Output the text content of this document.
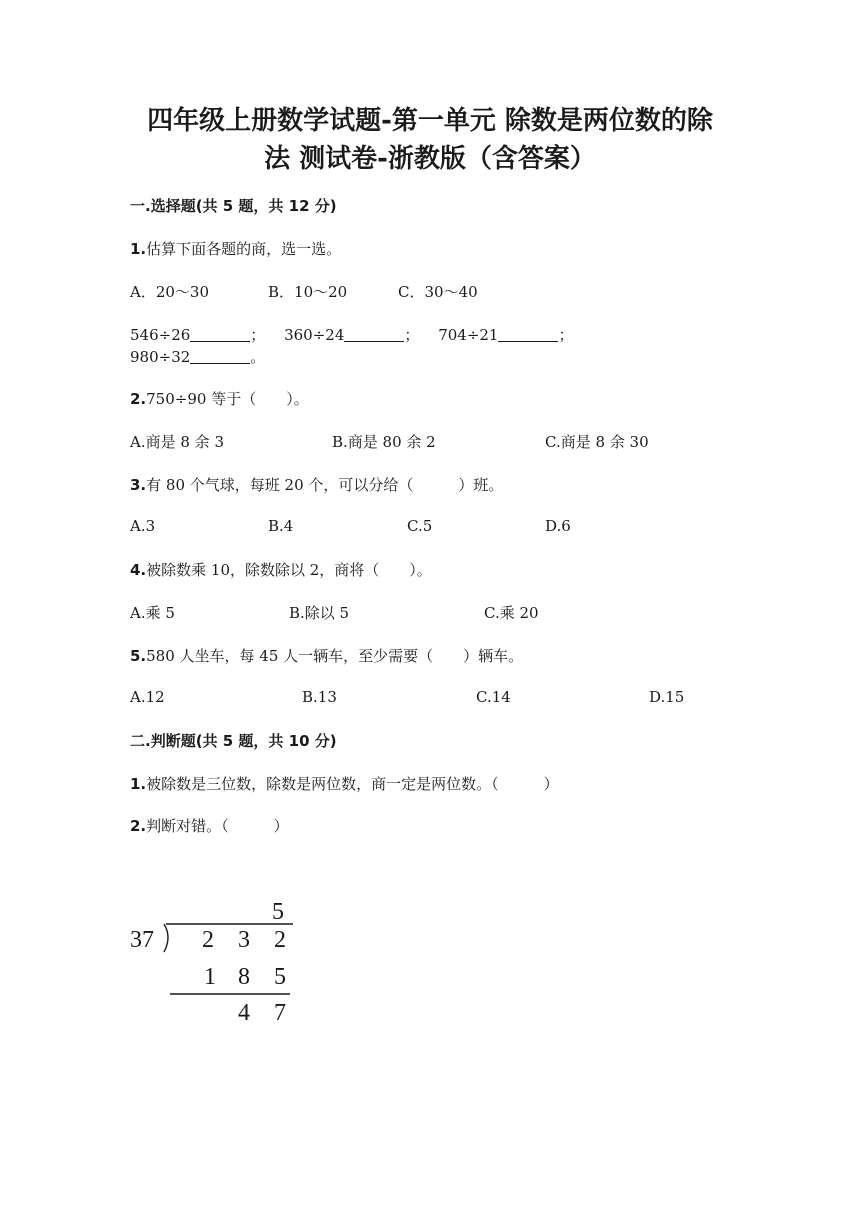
四年级上册数学试题-第一单元 除数是两位数的除
法 测试卷-浙教版（含答案）
一.选择题(共 5 题，共 12 分)
1.估算下面各题的商，选一选。
A．20～30	B．10～20	C．30～40
546÷26	； 360÷24	； 704÷21	；
980÷32	。
2.750÷90 等于（　　）。
A.商是 8 余 3	B.商是 80 余 2	C.商是 8 余 30
3.有 80 个气球，每班 20 个，可以分给（　　　）班。
A.3	B.4	C.5	D.6
4.被除数乘 10，除数除以 2，商将（　　）。
A.乘 5	B.除以 5	C.乘 20
5.580 人坐车，每 45 人一辆车，至少需要（　　）辆车。
A.12	B.13	C.14	D.15
二.判断题(共 5 题，共 10 分)
1.被除数是三位数，除数是两位数，商一定是两位数。（　　　）
2.判断对错。（　　　）
5
37 2 3 2
1 8 5
4 7
